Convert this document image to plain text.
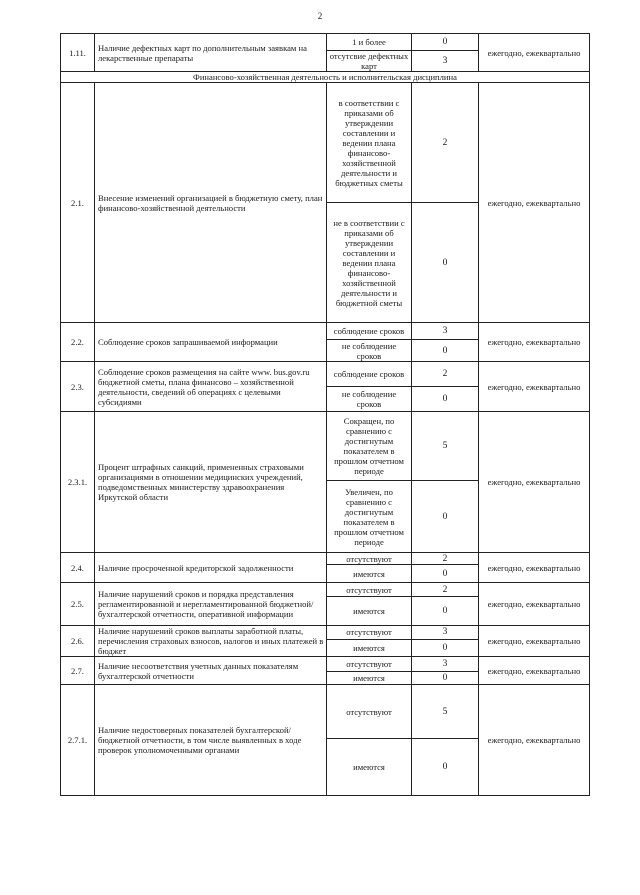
2
1.11.	Наличие дефектных карт по дополнительным заявкам на лекарственные препараты	1 и более	0	ежегодно, ежеквартально
		отсутсвие дефектных карт	3	
Финансово-хозяйственная деятельность и исполнительская дисциплина				
2.1.	Внесение изменений организацией в бюджетную смету, план финансово-хозяйственной деятельности	в соответствии с приказами об утверждении составлении и ведении плана финансово-хозяйственной деятельности и бюджетных сметы	2	ежегодно, ежеквартально
		не в соответствии с приказами об утверждении составлении и ведении плана финансово-хозяйственной деятельности и бюджетной сметы	0	
2.2.	Соблюдение сроков запрашиваемой информации	соблюдение сроков	3	ежегодно, ежеквартально
		не соблюдение сроков	0	
2.3.	Соблюдение сроков размещения на сайте www. bus.gov.ru бюджетной сметы, плана финансово – хозяйственной деятельности, сведений об операциях с целевыми субсидиями	соблюдение сроков	2	ежегодно, ежеквартально
		не соблюдение сроков	0	
2.3.1.	Процент штрафных санкций, примененных страховыми организациями в отношении медицинских учреждений, подведомственных министерству здравоохранения Иркутской области	Сокращен, по сравнению с достигнутым показателем в прошлом отчетном периоде	5	ежегодно, ежеквартально
		Увеличен, по сравнению с достигнутым показателем в прошлом отчетном периоде	0	
2.4.	Наличие просроченной кредиторской задолженности	отсутствуют	2	ежегодно, ежеквартально
		имеются	0	
2.5.	Наличие нарушений сроков и порядка представления регламентированной и нерегламентированной бюджетной/бухгалтерской отчетности, оперативной информации	отсутствуют	2	ежегодно, ежеквартально
		имеются	0	
2.6.	Наличие нарушений сроков выплаты заработной платы, перечисления страховых взносов, налогов и иных платежей в бюджет	отсутствуют	3	ежегодно, ежеквартально
		имеются	0	
2.7.	Наличие несоответствия учетных данных показателям бухгалтерской отчетности	отсутствуют	3	ежегодно, ежеквартально
		имеются	0	
2.7.1.	Наличие недостоверных показателей бухгалтерской/бюджетной отчетности, в том числе выявленных в ходе проверок уполномоченными органами	отсутствуют	5	ежегодно, ежеквартально
		имеются	0	
